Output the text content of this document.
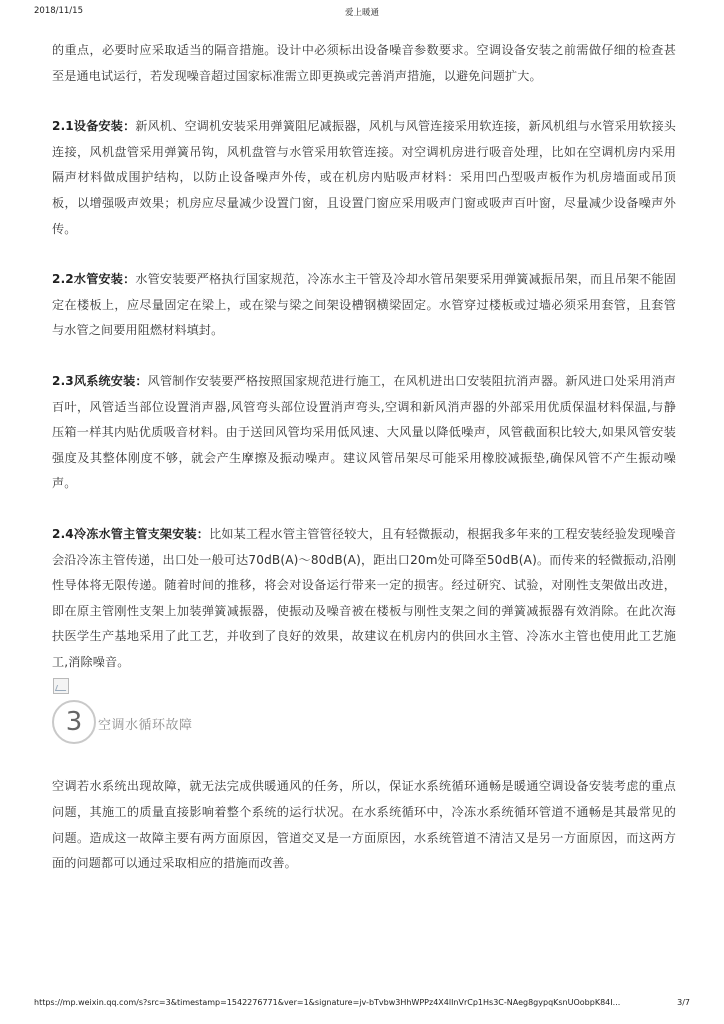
2018/11/15	爱上暖通

的重点，必要时应采取适当的隔音措施。设计中必须标出设备噪音参数要求。空调设备安装之前需做仔细的检查甚至是通电试运行，若发现噪音超过国家标准需立即更换或完善消声措施，以避免问题扩大。

2.1设备安装：新风机、空调机安装采用弹簧阻尼减振器，风机与风管连接采用软连接，新风机组与水管采用软接头连接，风机盘管采用弹簧吊钩，风机盘管与水管采用软管连接。对空调机房进行吸音处理，比如在空调机房内采用隔声材料做成围护结构，以防止设备噪声外传，或在机房内贴吸声材料：采用凹凸型吸声板作为机房墙面或吊顶板，以增强吸声效果；机房应尽量减少设置门窗，且设置门窗应采用吸声门窗或吸声百叶窗，尽量减少设备噪声外传。

2.2水管安装：水管安装要严格执行国家规范，冷冻水主干管及冷却水管吊架要采用弹簧减振吊架，而且吊架不能固定在楼板上，应尽量固定在梁上，或在梁与梁之间架设槽钢横梁固定。水管穿过楼板或过墙必须采用套管，且套管与水管之间要用阻燃材料填封。

2.3风系统安装：风管制作安装要严格按照国家规范进行施工，在风机进出口安装阻抗消声器。新风进口处采用消声百叶，风管适当部位设置消声器,风管弯头部位设置消声弯头,空调和新风消声器的外部采用优质保温材料保温,与静压箱一样其内贴优质吸音材料。由于送回风管均采用低风速、大风量以降低噪声，风管截面积比较大,如果风管安装强度及其整体刚度不够，就会产生摩擦及振动噪声。建议风管吊架尽可能采用橡胶减振垫,确保风管不产生振动噪声。

2.4冷冻水管主管支架安装：比如某工程水管主管管径较大，且有轻微振动，根据我多年来的工程安装经验发现噪音会沿冷冻主管传递，出口处一般可达70dB(A)～80dB(A)，距出口20m处可降至50dB(A)。而传来的轻微振动,沿刚性导体将无限传递。随着时间的推移，将会对设备运行带来一定的损害。经过研究、试验，对刚性支架做出改进，即在原主管刚性支架上加装弹簧减振器，使振动及噪音被在楼板与刚性支架之间的弹簧减振器有效消除。在此次海扶医学生产基地采用了此工艺，并收到了良好的效果，故建议在机房内的供回水主管、冷冻水主管也使用此工艺施工,消除噪音。

3	空调水循环故障

空调若水系统出现故障，就无法完成供暖通风的任务，所以，保证水系统循环通畅是暖通空调设备安装考虑的重点问题，其施工的质量直接影响着整个系统的运行状况。在水系统循环中，冷冻水系统循环管道不通畅是其最常见的问题。造成这一故障主要有两方面原因，管道交叉是一方面原因，水系统管道不清洁又是另一方面原因，而这两方面的问题都可以通过采取相应的措施而改善。

https://mp.weixin.qq.com/s?src=3&timestamp=1542276771&ver=1&signature=jv-bTvbw3HhWPPz4X4lInVrCp1Hs3C-NAeg8gypqKsnUOobpK84I...	3/7
